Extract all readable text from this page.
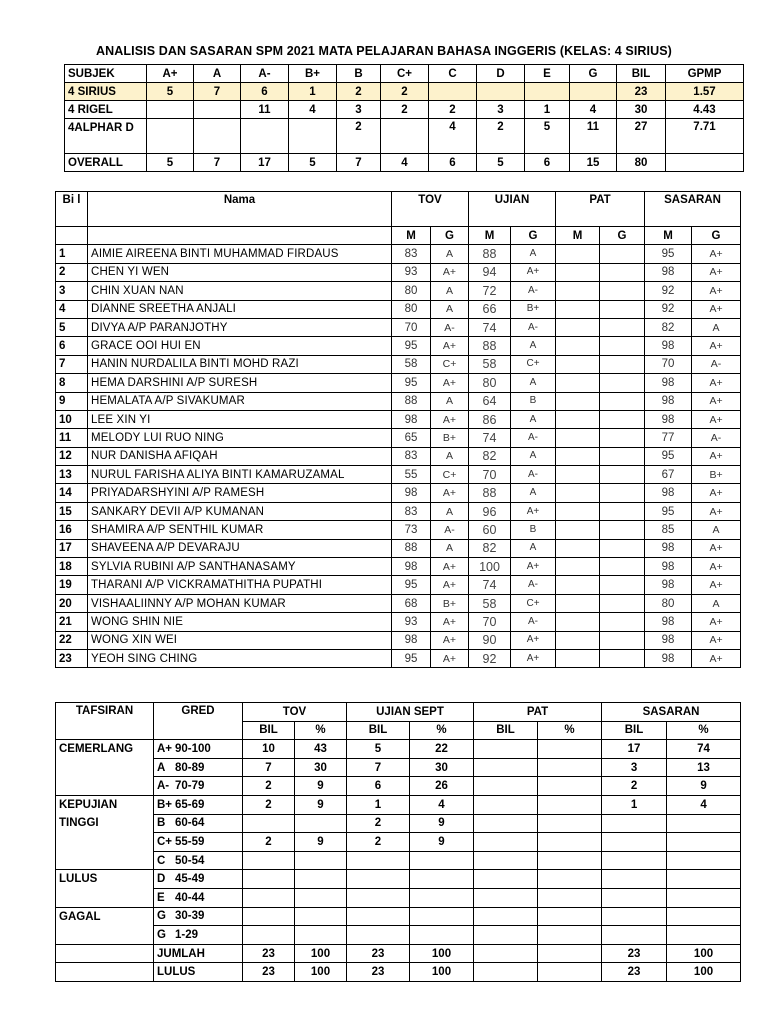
ANALISIS DAN SASARAN SPM 2021 MATA PELAJARAN BAHASA INGGERIS (KELAS: 4 SIRIUS)
SUBJEK	A+	A	A-	B+	B	C+	C	D	E	G	BIL	GPMP
4 SIRIUS	5	7	6	1	2	2					23	1.57
4 RIGEL			11	4	3	2	2	3	1	4	30	4.43
4ALPHAR D					2		4	2	5	11	27	7.71
OVERALL	5	7	17	5	7	4	6	5	6	15	80	
Bi l	Nama	TOV		UJIAN		PAT		SASARAN	
		M	G	M	G	M	G	M	G
1	AIMIE AIREENA BINTI MUHAMMAD FIRDAUS	83	A	88	A			95	A+
2	CHEN YI WEN	93	A+	94	A+			98	A+
3	CHIN XUAN NAN	80	A	72	A-			92	A+
4	DIANNE SREETHA ANJALI	80	A	66	B+			92	A+
5	DIVYA A/P PARANJOTHY	70	A-	74	A-			82	A
6	GRACE OOI HUI EN	95	A+	88	A			98	A+
7	HANIN NURDALILA BINTI MOHD RAZI	58	C+	58	C+			70	A-
8	HEMA DARSHINI A/P SURESH	95	A+	80	A			98	A+
9	HEMALATA A/P SIVAKUMAR	88	A	64	B			98	A+
10	LEE XIN YI	98	A+	86	A			98	A+
11	MELODY LUI RUO NING	65	B+	74	A-			77	A-
12	NUR DANISHA AFIQAH	83	A	82	A			95	A+
13	NURUL FARISHA ALIYA BINTI KAMARUZAMAL	55	C+	70	A-			67	B+
14	PRIYADARSHYINI A/P RAMESH	98	A+	88	A			98	A+
15	SANKARY DEVII A/P KUMANAN	83	A	96	A+			95	A+
16	SHAMIRA A/P SENTHIL KUMAR	73	A-	60	B			85	A
17	SHAVEENA A/P DEVARAJU	88	A	82	A			98	A+
18	SYLVIA RUBINI A/P SANTHANASAMY	98	A+	100	A+			98	A+
19	THARANI A/P VICKRAMATHITHA PUPATHI	95	A+	74	A-			98	A+
20	VISHAALIINNY A/P MOHAN KUMAR	68	B+	58	C+			80	A
21	WONG SHIN NIE	93	A+	70	A-			98	A+
22	WONG XIN WEI	98	A+	90	A+			98	A+
23	YEOH SING CHING	95	A+	92	A+			98	A+
TAFSIRAN	GRED	TOV		UJIAN SEPT		PAT		SASARAN	
		BIL	%	BIL	%	BIL	%	BIL	%
CEMERLANG	A+ 90-100	10	43	5	22			17	74
	A 80-89	7	30	7	30			3	13
	A- 70-79	2	9	6	26			2	9
KEPUJIAN TINGGI	B+ 65-69	2	9	1	4			1	4
	B 60-64			2	9				
	C+ 55-59	2	9	2	9				
	C 50-54								
LULUS	D 45-49								
	E 40-44								
GAGAL	G 30-39								
	G 1-29								
	JUMLAH	23	100	23	100			23	100
	LULUS	23	100	23	100			23	100
